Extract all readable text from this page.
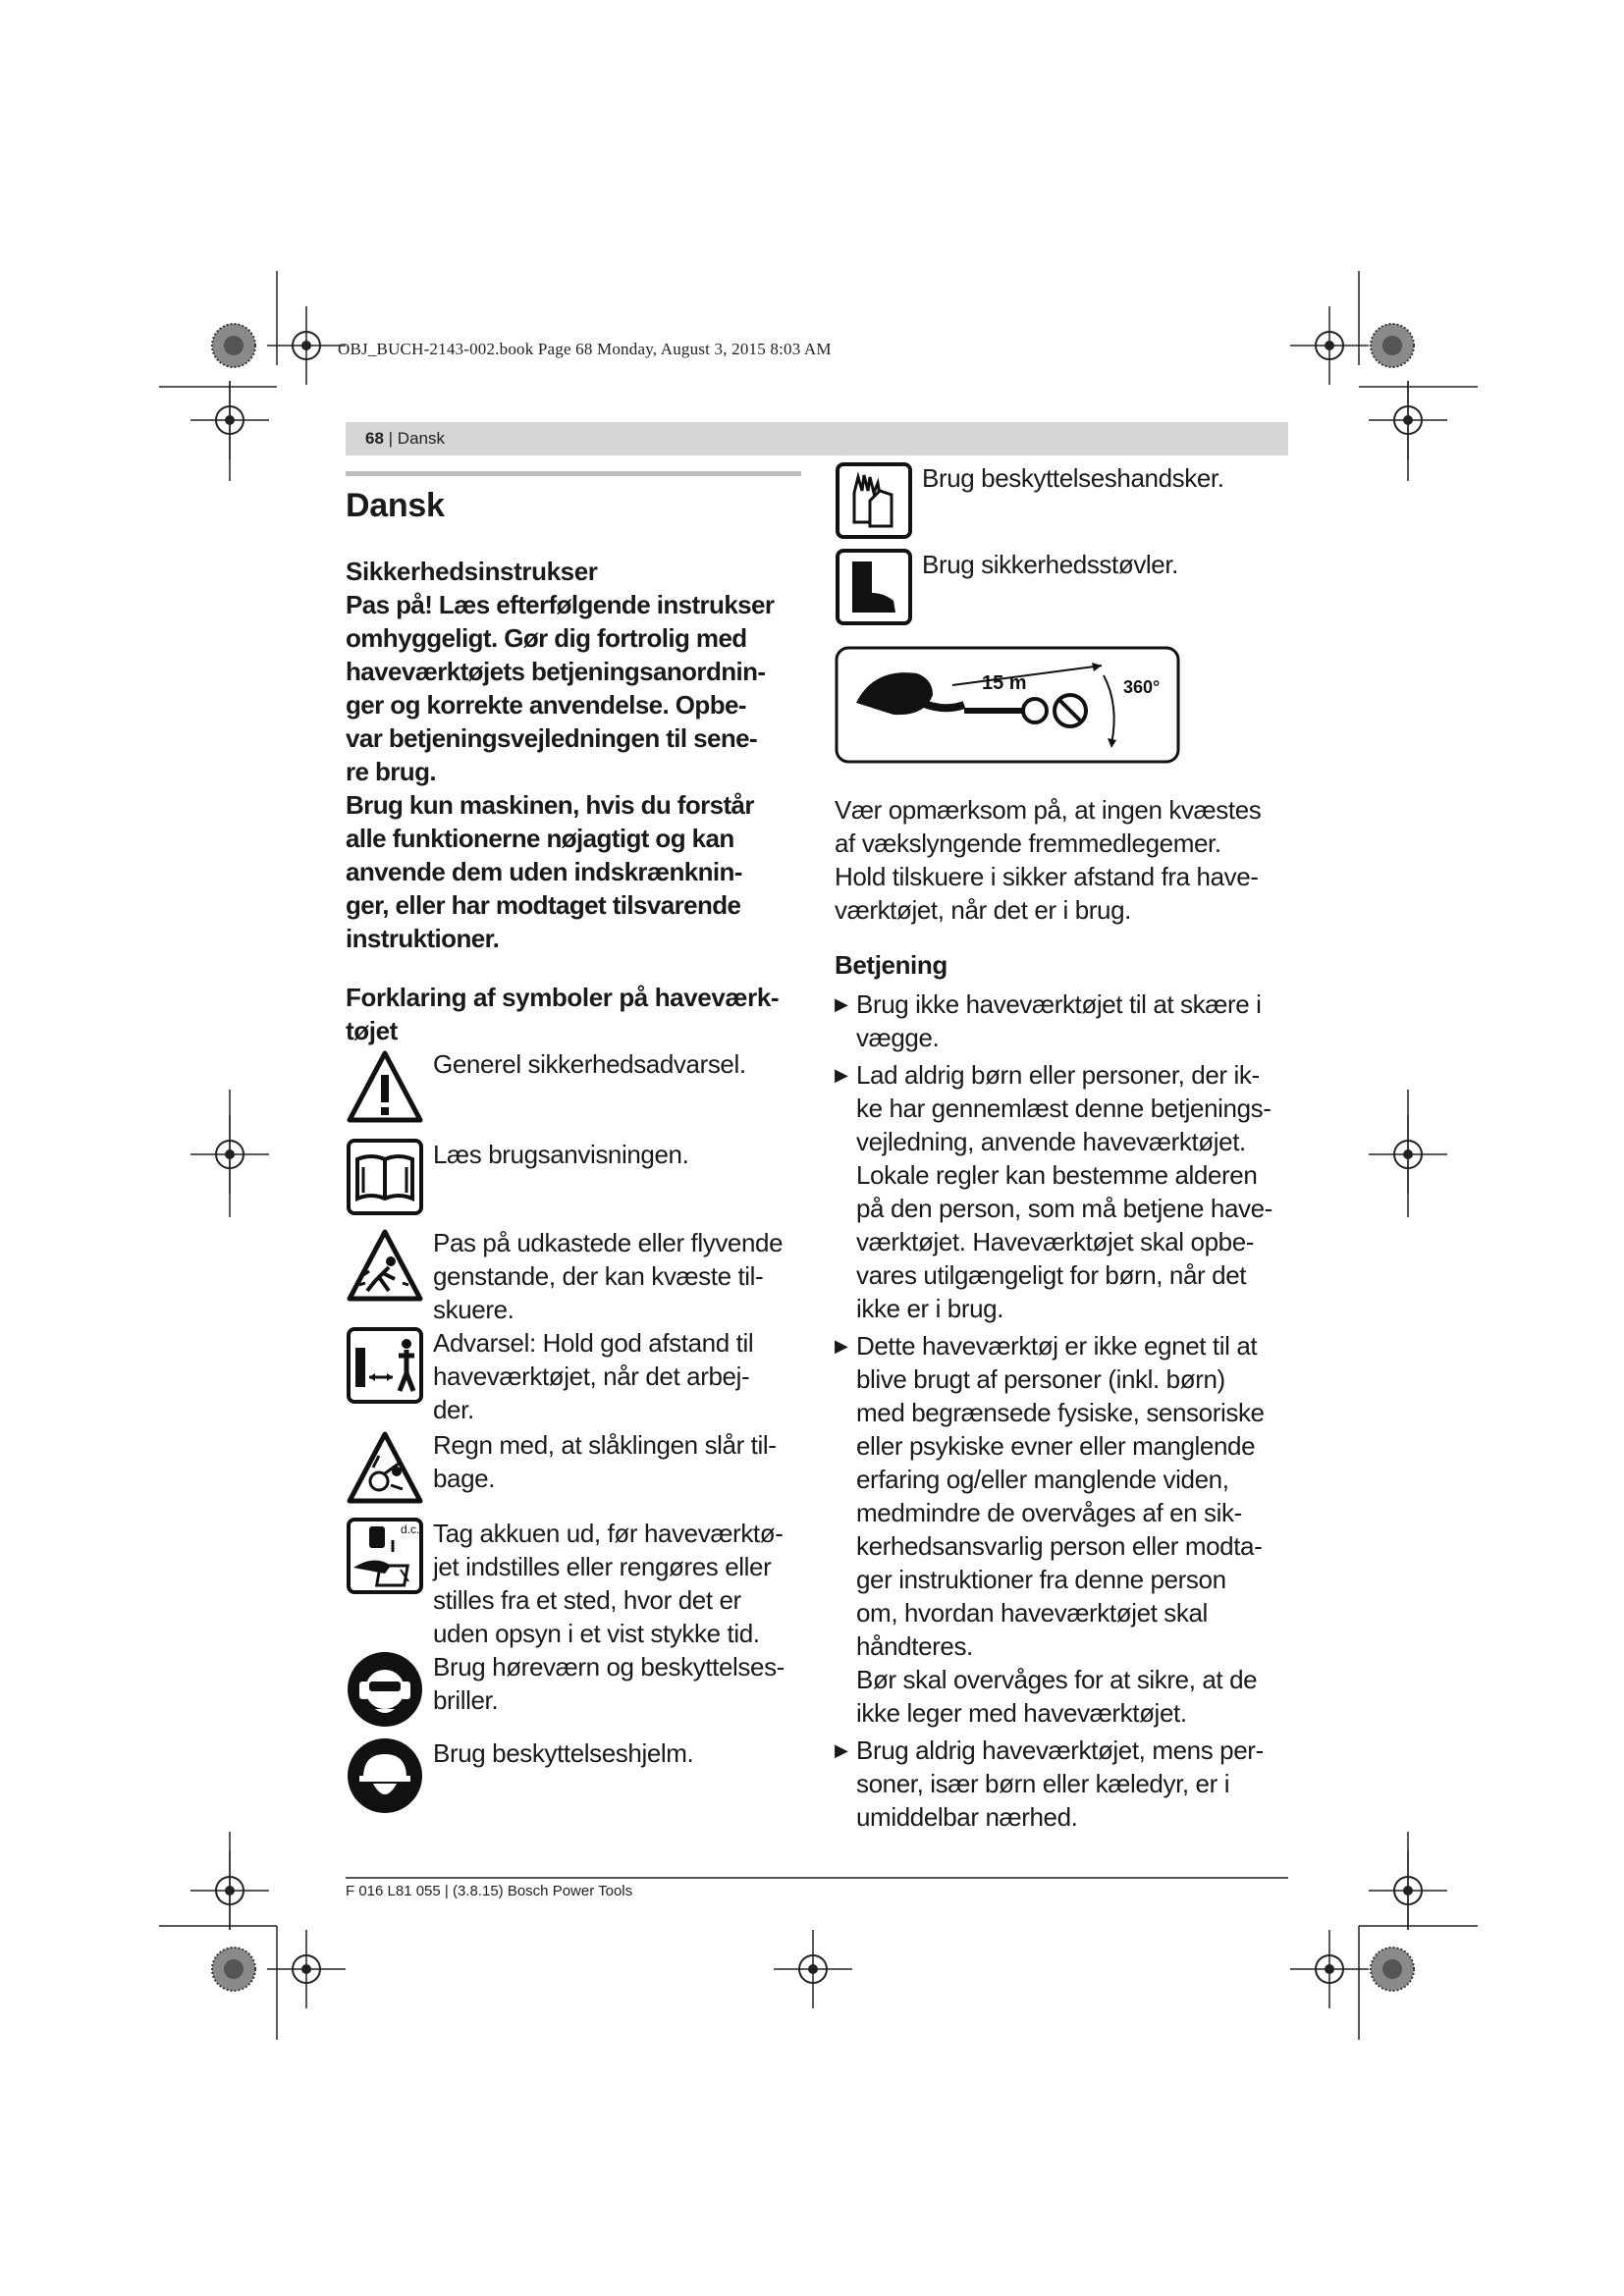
OBJ_BUCH-2143-002.book Page 68 Monday, August 3, 2015 8:03 AM
68 | Dansk
Dansk
Sikkerhedsinstrukser

Pas på! Læs efterfølgende instrukser

omhyggeligt. Gør dig fortrolig med

haveværktøjets betjeningsanordnin-

ger og korrekte anvendelse. Opbe-

var betjeningsvejledningen til sene-

re brug.

Brug kun maskinen, hvis du forstår

alle funktionerne nøjagtigt og kan

anvende dem uden indskrænknin-

ger, eller har modtaget tilsvarende

instruktioner.

Forklaring af symboler på haveværk-
tøjet
Generel sikkerhedsadvarsel.
Læs brugsanvisningen.
Pas på udkastede eller flyvende
genstande, der kan kvæste til-
skuere.
Advarsel: Hold god afstand til
haveværktøjet, når det arbej-
der.
Regn med, at slåklingen slår til-
bage.
d.c. Tag akkuen ud, før haveværktø-
jet indstilles eller rengøres eller
stilles fra et sted, hvor det er
uden opsyn i et vist stykke tid.
Brug høreværn og beskyttelses-
briller.
Brug beskyttelseshjelm.
Brug beskyttelseshandsker.
Brug sikkerhedsstøvler.
15 m	360°

Vær opmærksom på, at ingen kvæstes

af vækslyngende fremmedlegemer.

Hold tilskuere i sikker afstand fra have-

værktøjet, når det er i brug.

Betjening
▶ Brug ikke haveværktøjet til at skære i
vægge.
▶ Lad aldrig børn eller personer, der ik-
ke har gennemlæst denne betjenings-
vejledning, anvende haveværktøjet.
Lokale regler kan bestemme alderen
på den person, som må betjene have-
værktøjet. Haveværktøjet skal opbe-
vares utilgængeligt for børn, når det
ikke er i brug.
▶ Dette haveværktøj er ikke egnet til at
blive brugt af personer (inkl. børn)
med begrænsede fysiske, sensoriske
eller psykiske evner eller manglende
erfaring og/eller manglende viden,
medmindre de overvåges af en sik-
kerhedsansvarlig person eller modta-
ger instruktioner fra denne person
om, hvordan haveværktøjet skal
håndteres.
Bør skal overvåges for at sikre, at de
ikke leger med haveværktøjet.
▶ Brug aldrig haveværktøjet, mens per-
soner, især børn eller kæledyr, er i
umiddelbar nærhed.
F 016 L81 055 | (3.8.15) Bosch Power Tools
